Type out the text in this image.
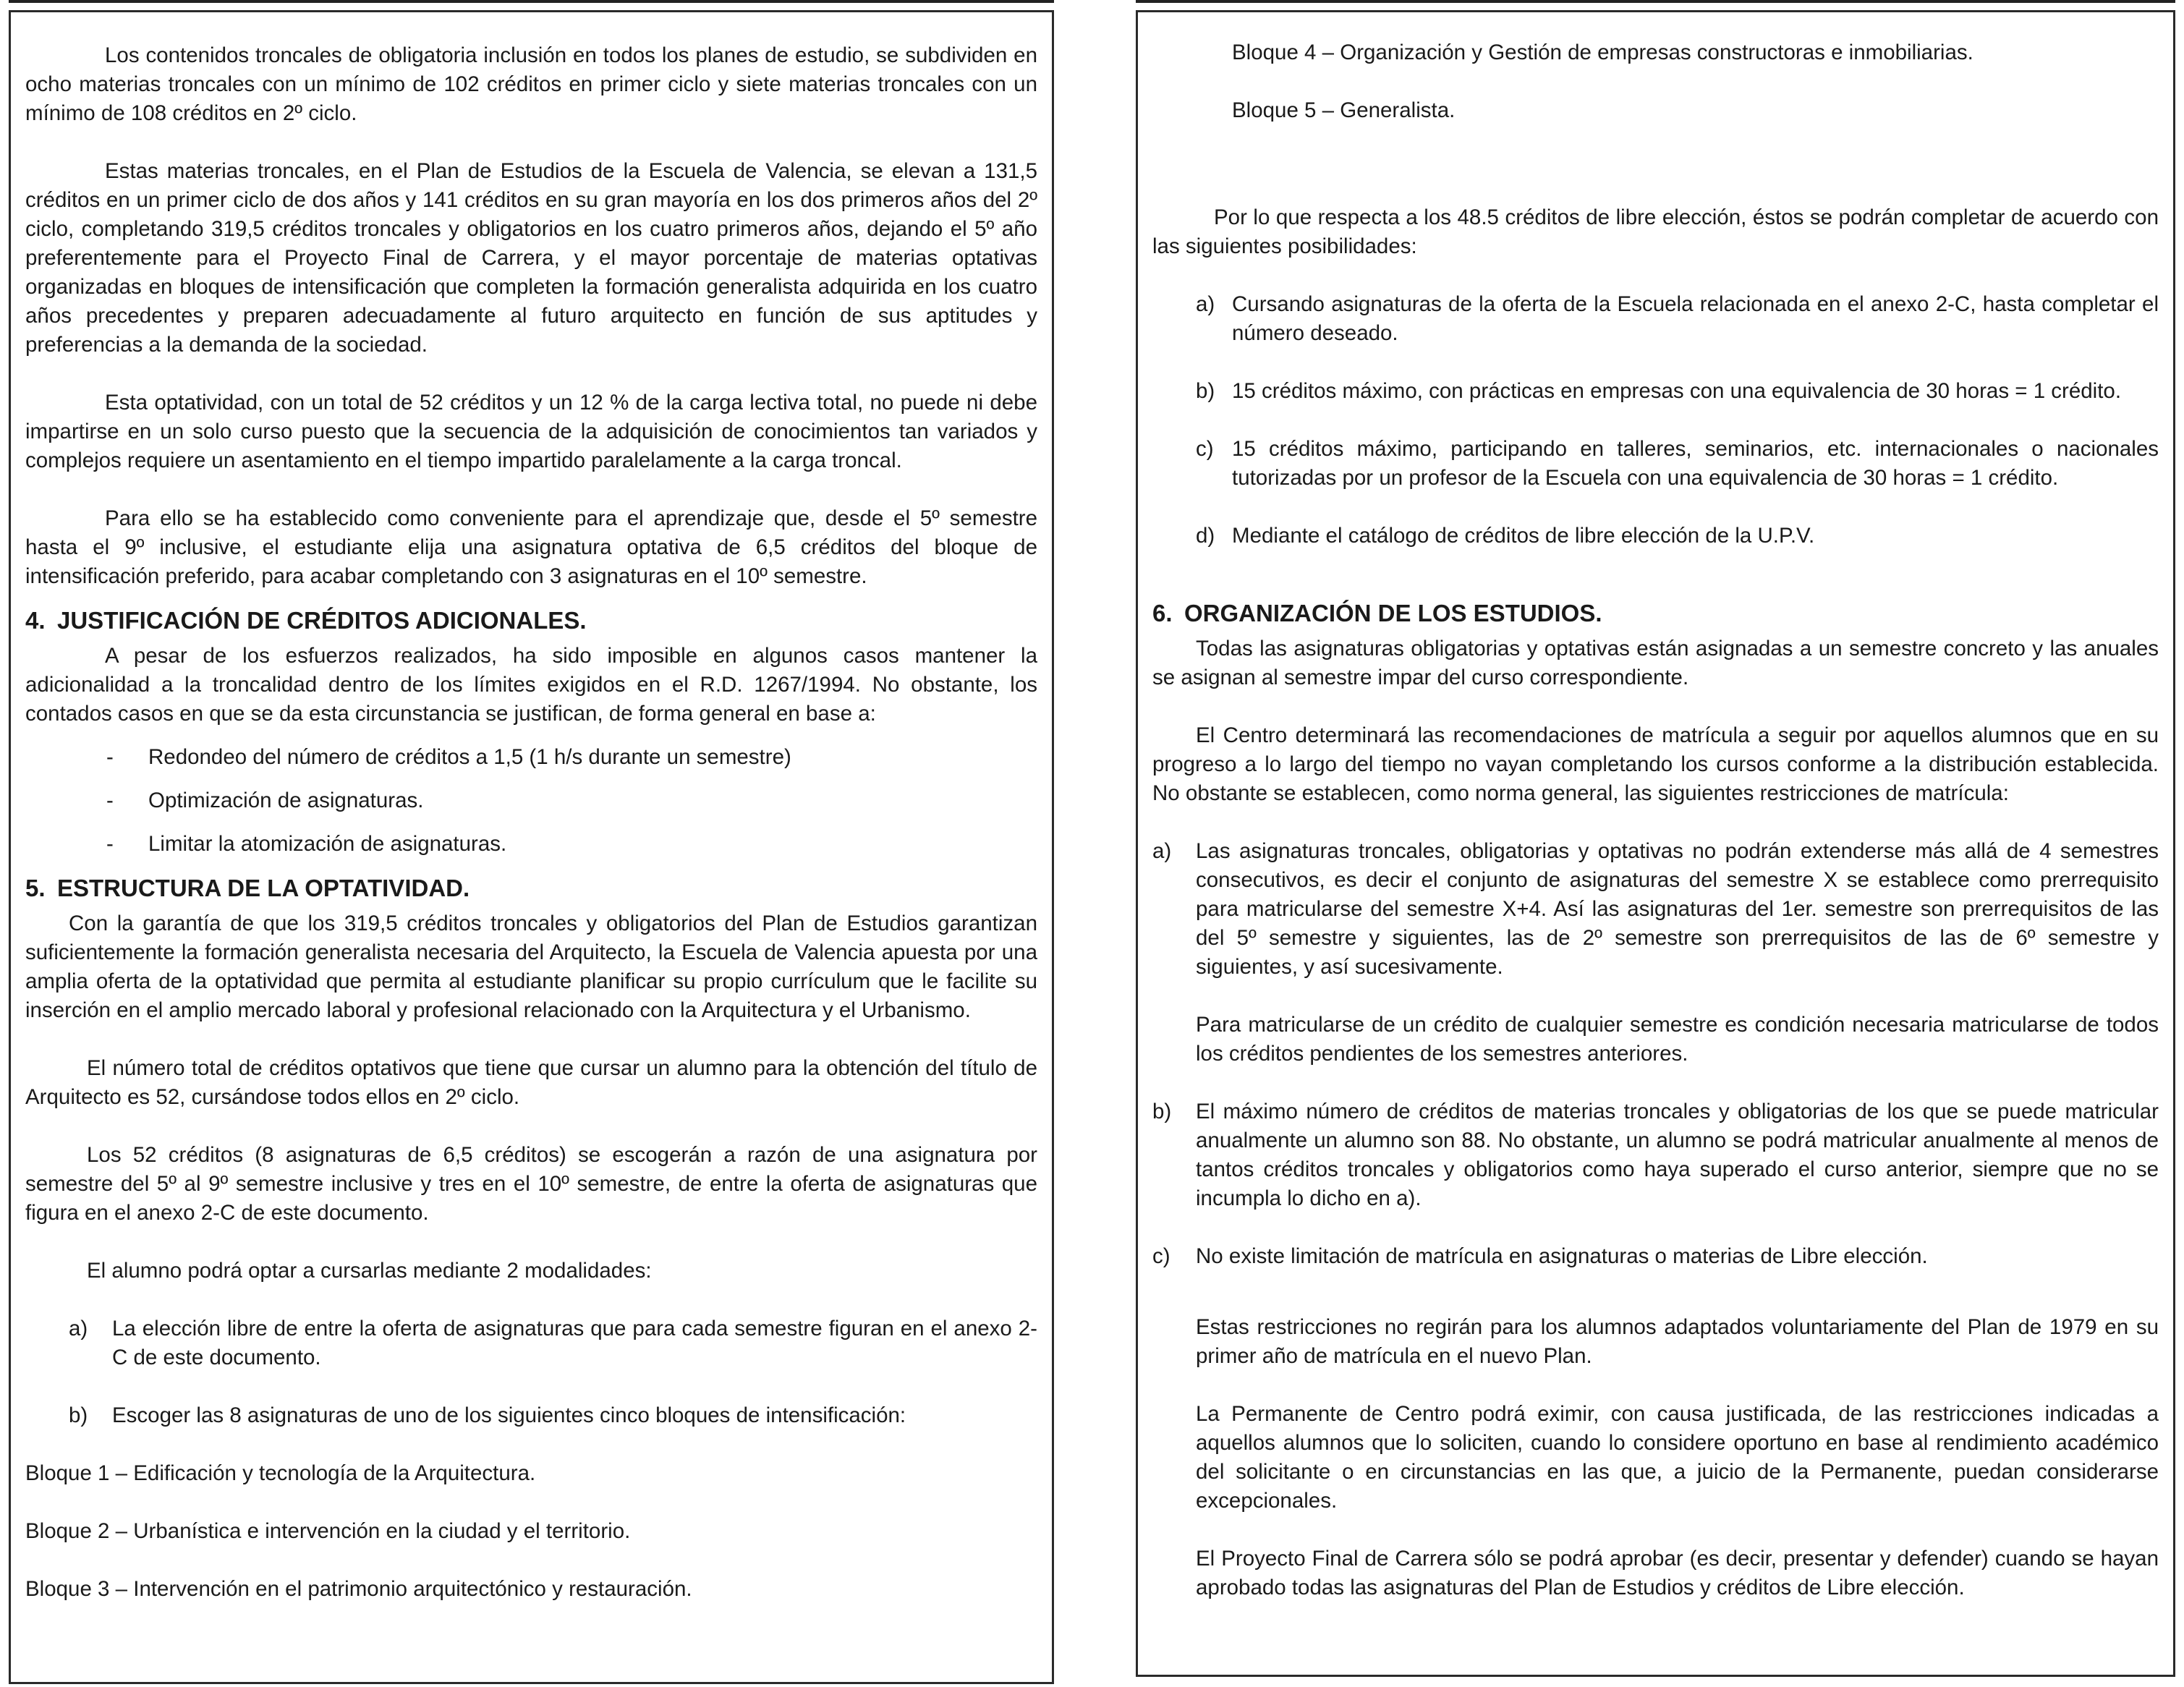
Los contenidos troncales de obligatoria inclusión en todos los planes de estudio, se subdividen en ocho materias troncales con un mínimo de 102 créditos en primer ciclo y siete materias troncales con un mínimo de 108 créditos en 2º ciclo.

Estas materias troncales, en el Plan de Estudios de la Escuela de Valencia, se elevan a 131,5 créditos en un primer ciclo de dos años y 141 créditos en su gran mayoría en los dos primeros años del 2º ciclo, completando 319,5 créditos troncales y obligatorios en los cuatro primeros años, dejando el 5º año preferentemente para el Proyecto Final de Carrera, y el mayor porcentaje de materias optativas organizadas en bloques de intensificación que completen la formación generalista adquirida en los cuatro años precedentes y preparen adecuadamente al futuro arquitecto en función de sus aptitudes y preferencias a la demanda de la sociedad.

Esta optatividad, con un total de 52 créditos y un 12 % de la carga lectiva total, no puede ni debe impartirse en un solo curso puesto que la secuencia de la adquisición de conocimientos tan variados y complejos requiere un asentamiento en el tiempo impartido paralelamente a la carga troncal.

Para ello se ha establecido como conveniente para el aprendizaje que, desde el 5º semestre hasta el 9º inclusive, el estudiante elija una asignatura optativa de 6,5 créditos del bloque de intensificación preferido, para acabar completando con 3 asignaturas en el 10º semestre.

4. JUSTIFICACIÓN DE CRÉDITOS ADICIONALES.

A pesar de los esfuerzos realizados, ha sido imposible en algunos casos mantener la adicionalidad a la troncalidad dentro de los límites exigidos en el R.D. 1267/1994. No obstante, los contados casos en que se da esta circunstancia se justifican, de forma general en base a:

- Redondeo del número de créditos a 1,5 (1 h/s durante un semestre)
- Optimización de asignaturas.
- Limitar la atomización de asignaturas.
5. ESTRUCTURA DE LA OPTATIVIDAD.

Con la garantía de que los 319,5 créditos troncales y obligatorios del Plan de Estudios garantizan suficientemente la formación generalista necesaria del Arquitecto, la Escuela de Valencia apuesta por una amplia oferta de la optatividad que permita al estudiante planificar su propio currículum que le facilite su inserción en el amplio mercado laboral y profesional relacionado con la Arquitectura y el Urbanismo.

El número total de créditos optativos que tiene que cursar un alumno para la obtención del título de Arquitecto es 52, cursándose todos ellos en 2º ciclo.

Los 52 créditos (8 asignaturas de 6,5 créditos) se escogerán a razón de una asignatura por semestre del 5º al 9º semestre inclusive y tres en el 10º semestre, de entre la oferta de asignaturas que figura en el anexo 2-C de este documento.

El alumno podrá optar a cursarlas mediante 2 modalidades:

a) La elección libre de entre la oferta de asignaturas que para cada semestre figuran en el anexo 2-C de este documento.
b) Escoger las 8 asignaturas de uno de los siguientes cinco bloques de intensificación:

Bloque 1 – Edificación y tecnología de la Arquitectura.

Bloque 2 – Urbanística e intervención en la ciudad y el territorio.

Bloque 3 – Intervención en el patrimonio arquitectónico y restauración.

Bloque 4 – Organización y Gestión de empresas constructoras e inmobiliarias.

Bloque 5 – Generalista.

Por lo que respecta a los 48.5 créditos de libre elección, éstos se podrán completar de acuerdo con las siguientes posibilidades:

a) Cursando asignaturas de la oferta de la Escuela relacionada en el anexo 2-C, hasta completar el número deseado.
b) 15 créditos máximo, con prácticas en empresas con una equivalencia de 30 horas = 1 crédito.
c) 15 créditos máximo, participando en talleres, seminarios, etc. internacionales o nacionales tutorizadas por un profesor de la Escuela con una equivalencia de 30 horas = 1 crédito.
d) Mediante el catálogo de créditos de libre elección de la U.P.V.
6. ORGANIZACIÓN DE LOS ESTUDIOS.

Todas las asignaturas obligatorias y optativas están asignadas a un semestre concreto y las anuales se asignan al semestre impar del curso correspondiente.

El Centro determinará las recomendaciones de matrícula a seguir por aquellos alumnos que en su progreso a lo largo del tiempo no vayan completando los cursos conforme a la distribución establecida. No obstante se establecen, como norma general, las siguientes restricciones de matrícula:

a) Las asignaturas troncales, obligatorias y optativas no podrán extenderse más allá de 4 semestres consecutivos, es decir el conjunto de asignaturas del semestre X se establece como prerrequisito para matricularse del semestre X+4. Así las asignaturas del 1er. semestre son prerrequisitos de las del 5º semestre y siguientes, las de 2º semestre son prerrequisitos de las de 6º semestre y siguientes, y así sucesivamente.

Para matricularse de un crédito de cualquier semestre es condición necesaria matricularse de todos los créditos pendientes de los semestres anteriores.

b) El máximo número de créditos de materias troncales y obligatorias de los que se puede matricular anualmente un alumno son 88. No obstante, un alumno se podrá matricular anualmente al menos de tantos créditos troncales y obligatorios como haya superado el curso anterior, siempre que no se incumpla lo dicho en a).
c) No existe limitación de matrícula en asignaturas o materias de Libre elección.

Estas restricciones no regirán para los alumnos adaptados voluntariamente del Plan de 1979 en su primer año de matrícula en el nuevo Plan.

La Permanente de Centro podrá eximir, con causa justificada, de las restricciones indicadas a aquellos alumnos que lo soliciten, cuando lo considere oportuno en base al rendimiento académico del solicitante o en circunstancias en las que, a juicio de la Permanente, puedan considerarse excepcionales.

El Proyecto Final de Carrera sólo se podrá aprobar (es decir, presentar y defender) cuando se hayan aprobado todas las asignaturas del Plan de Estudios y créditos de Libre elección.
